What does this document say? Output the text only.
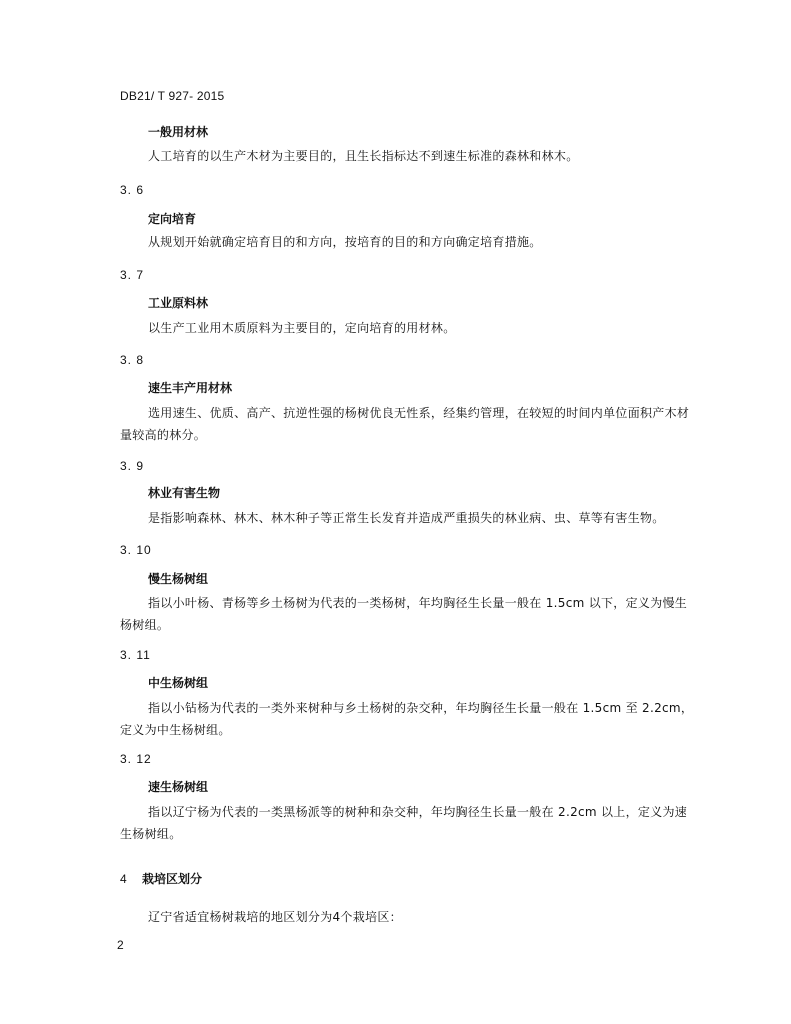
DB21/ T 927- 2015
一般用材林
人工培育的以生产木材为主要目的，且生长指标达不到速生标准的森林和林木。
3. 6
定向培育
从规划开始就确定培育目的和方向，按培育的目的和方向确定培育措施。
3. 7
工业原料林
以生产工业用木质原料为主要目的，定向培育的用材林。
3. 8
速生丰产用材林
选用速生、优质、高产、抗逆性强的杨树优良无性系，经集约管理，在较短的时间内单位面积产木材量较高的林分。
3. 9
林业有害生物
是指影响森林、林木、林木种子等正常生长发育并造成严重损失的林业病、虫、草等有害生物。
3. 10
慢生杨树组
指以小叶杨、青杨等乡土杨树为代表的一类杨树，年均胸径生长量一般在 1.5cm 以下，定义为慢生杨树组。
3. 11
中生杨树组
指以小钻杨为代表的一类外来树种与乡土杨树的杂交种，年均胸径生长量一般在 1.5cm 至 2.2cm，定义为中生杨树组。
3. 12
速生杨树组
指以辽宁杨为代表的一类黑杨派等的树种和杂交种，年均胸径生长量一般在 2.2cm 以上，定义为速生杨树组。
4 栽培区划分
辽宁省适宜杨树栽培的地区划分为4个栽培区：
2
